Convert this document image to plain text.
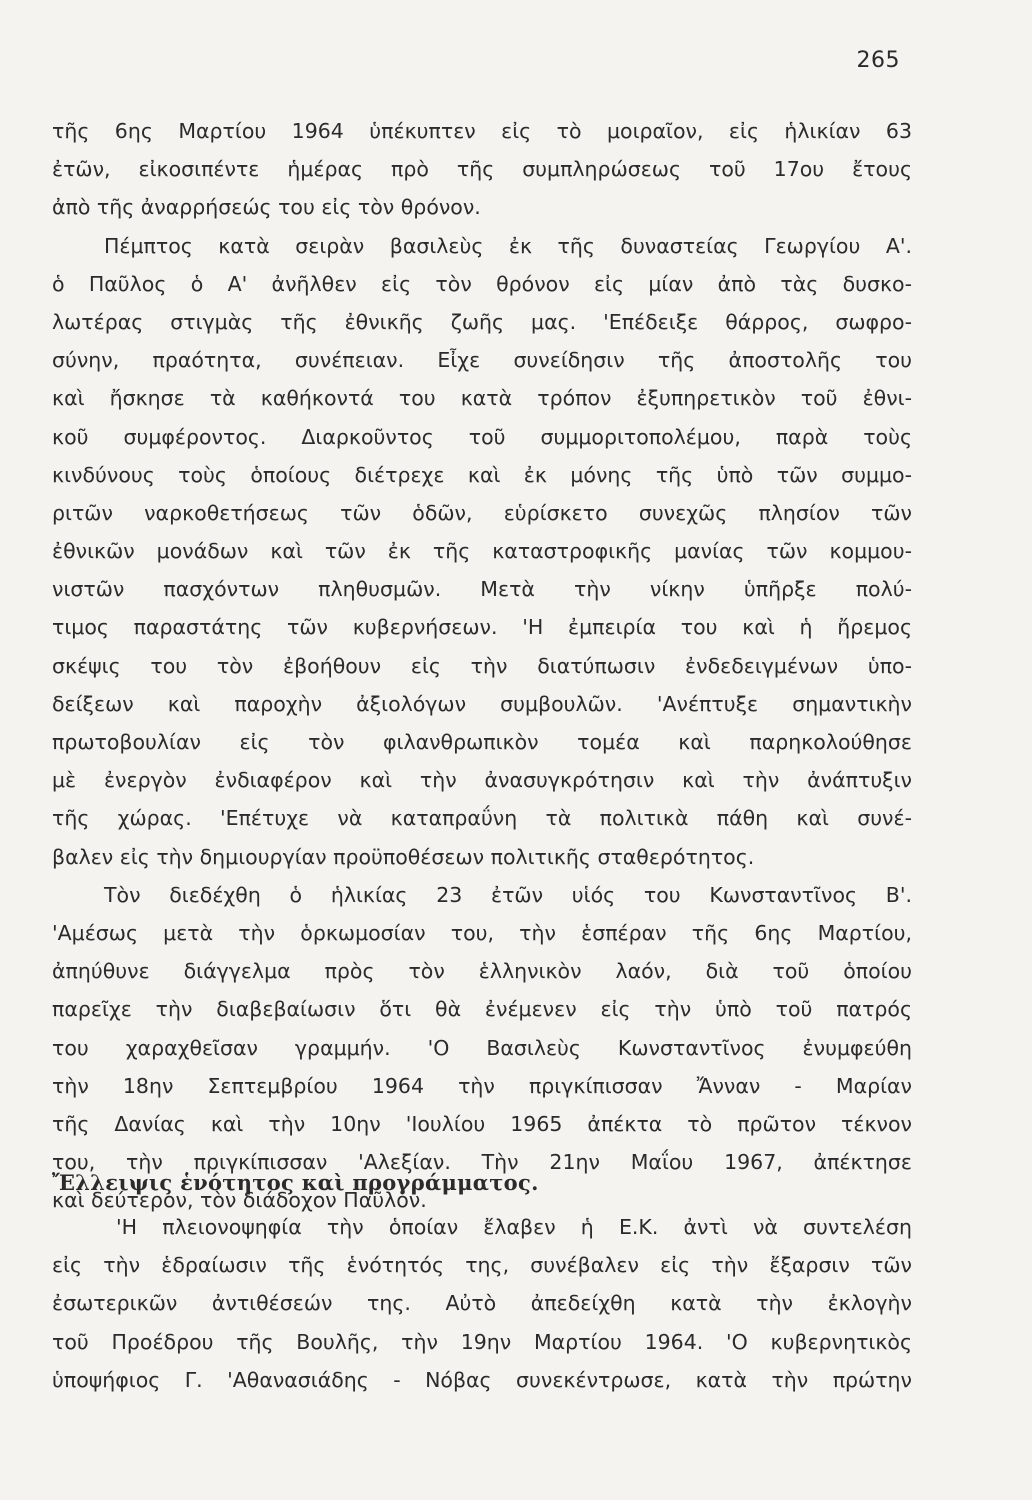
265
τῆς 6ης Μαρτίου 1964 ὑπέκυπτεν εἰς τὸ μοιραῖον, εἰς ἡλικίαν 63
ἐτῶν, εἰκοσιπέντε ἡμέρας πρὸ τῆς συμπληρώσεως τοῦ 17ου ἔτους
ἀπὸ τῆς ἀναρρήσεώς του εἰς τὸν θρόνον.
Πέμπτος κατὰ σειρὰν βασιλεὺς ἐκ τῆς δυναστείας Γεωργίου Α'.
ὁ Παῦλος ὁ Α' ἀνῆλθεν εἰς τὸν θρόνον εἰς μίαν ἀπὸ τὰς δυσκο-
λωτέρας στιγμὰς τῆς ἐθνικῆς ζωῆς μας. 'Επέδειξε θάρρος, σωφρο-
σύνην, πραότητα, συνέπειαν. Εἶχε συνείδησιν τῆς ἀποστολῆς του
καὶ ἤσκησε τὰ καθήκοντά του κατὰ τρόπον ἐξυπηρετικὸν τοῦ ἐθνι-
κοῦ συμφέροντος. Διαρκοῦντος τοῦ συμμοριτοπολέμου, παρὰ τοὺς
κινδύνους τοὺς ὁποίους διέτρεχε καὶ ἐκ μόνης τῆς ὑπὸ τῶν συμμο-
ριτῶν ναρκοθετήσεως τῶν ὁδῶν, εὑρίσκετο συνεχῶς πλησίον τῶν
ἐθνικῶν μονάδων καὶ τῶν ἐκ τῆς καταστροφικῆς μανίας τῶν κομμου-
νιστῶν πασχόντων πληθυσμῶν. Μετὰ τὴν νίκην ὑπῆρξε πολύ-
τιμος παραστάτης τῶν κυβερνήσεων. 'Η ἐμπειρία του καὶ ἡ ἤρεμος
σκέψις του τὸν ἐβοήθουν εἰς τὴν διατύπωσιν ἐνδεδειγμένων ὑπο-
δείξεων καὶ παροχὴν ἀξιολόγων συμβουλῶν. 'Ανέπτυξε σημαντικὴν
πρωτοβουλίαν εἰς τὸν φιλανθρωπικὸν τομέα καὶ παρηκολούθησε
μὲ ἐνεργὸν ἐνδιαφέρον καὶ τὴν ἀνασυγκρότησιν καὶ τὴν ἀνάπτυξιν
τῆς χώρας. 'Επέτυχε νὰ καταπραΰνη τὰ πολιτικὰ πάθη καὶ συνέ-
βαλεν εἰς τὴν δημιουργίαν προϋποθέσεων πολιτικῆς σταθερότητος.
Τὸν διεδέχθη ὁ ἡλικίας 23 ἐτῶν υἱός του Κωνσταντῖνος Β'.
'Αμέσως μετὰ τὴν ὁρκωμοσίαν του, τὴν ἑσπέραν τῆς 6ης Μαρτίου,
ἀπηύθυνε διάγγελμα πρὸς τὸν ἑλληνικὸν λαόν, διὰ τοῦ ὁποίου
παρεῖχε τὴν διαβεβαίωσιν ὅτι θὰ ἐνέμενεν εἰς τὴν ὑπὸ τοῦ πατρός
του χαραχθεῖσαν γραμμήν. 'Ο Βασιλεὺς Κωνσταντῖνος ἐνυμφεύθη
τὴν 18ην Σεπτεμβρίου 1964 τὴν πριγκίπισσαν Ἄνναν - Μαρίαν
τῆς Δανίας καὶ τὴν 10ην 'Ιουλίου 1965 ἀπέκτα τὸ πρῶτον τέκνον
του, τὴν πριγκίπισσαν 'Αλεξίαν. Τὴν 21ην Μαΐου 1967, ἀπέκτησε
καὶ δεύτερον, τὸν διάδοχον Παῦλον.
Ἔλλειψις ἑνότητος καὶ προγράμματος.
'Η πλειονοψηφία τὴν ὁποίαν ἔλαβεν ἡ Ε.Κ. ἀντὶ νὰ συντελέση
εἰς τὴν ἑδραίωσιν τῆς ἑνότητός της, συνέβαλεν εἰς τὴν ἔξαρσιν τῶν
ἐσωτερικῶν ἀντιθέσεών της. Αὐτὸ ἀπεδείχθη κατὰ τὴν ἐκλογὴν
τοῦ Προέδρου τῆς Βουλῆς, τὴν 19ην Μαρτίου 1964. 'Ο κυβερνητικὸς
ὑποψήφιος Γ. 'Αθανασιάδης - Νόβας συνεκέντρωσε, κατὰ τὴν πρώτην
